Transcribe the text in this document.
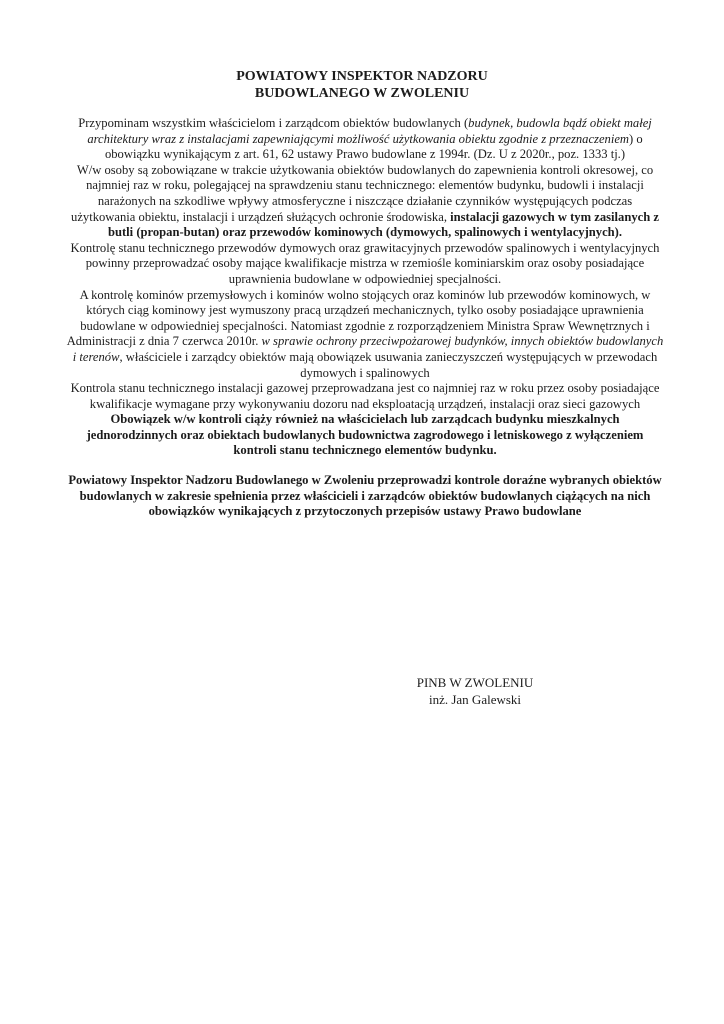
POWIATOWY INSPEKTOR NADZORU
BUDOWLANEGO W ZWOLENIU

Przypominam wszystkim właścicielom i zarządcom obiektów budowlanych (budynek, budowla bądź obiekt małej architektury wraz z instalacjami zapewniającymi możliwość użytkowania obiektu zgodnie z przeznaczeniem) o obowiązku wynikającym z art. 61, 62 ustawy Prawo budowlane z 1994r. (Dz. U z 2020r., poz. 1333 tj.)

W/w osoby są zobowiązane w trakcie użytkowania obiektów budowlanych do zapewnienia kontroli okresowej, co najmniej raz w roku, polegającej na sprawdzeniu stanu technicznego: elementów budynku, budowli i instalacji narażonych na szkodliwe wpływy atmosferyczne i niszczące działanie czynników występujących podczas użytkowania obiektu, instalacji i urządzeń służących ochronie środowiska, instalacji gazowych w tym zasilanych z butli (propan-butan) oraz przewodów kominowych (dymowych, spalinowych i wentylacyjnych).

Kontrolę stanu technicznego przewodów dymowych oraz grawitacyjnych przewodów spalinowych i wentylacyjnych powinny przeprowadzać osoby mające kwalifikacje mistrza w rzemiośle kominiarskim oraz osoby posiadające uprawnienia budowlane w odpowiedniej specjalności.

A kontrolę kominów przemysłowych i kominów wolno stojących oraz kominów lub przewodów kominowych, w których ciąg kominowy jest wymuszony pracą urządzeń mechanicznych, tylko osoby posiadające uprawnienia budowlane w odpowiedniej specjalności. Natomiast zgodnie z rozporządzeniem Ministra Spraw Wewnętrznych i Administracji z dnia 7 czerwca 2010r. w sprawie ochrony przeciwpożarowej budynków, innych obiektów budowlanych i terenów, właściciele i zarządcy obiektów mają obowiązek usuwania zanieczyszczeń występujących w przewodach dymowych i spalinowych

Kontrola stanu technicznego instalacji gazowej przeprowadzana jest co najmniej raz w roku przez osoby posiadające kwalifikacje wymagane przy wykonywaniu dozoru nad eksploatacją urządzeń, instalacji oraz sieci gazowych

Obowiązek w/w kontroli ciąży również na właścicielach lub zarządcach budynku mieszkalnych jednorodzinnych oraz obiektach budowlanych budownictwa zagrodowego i letniskowego z wyłączeniem kontroli stanu technicznego elementów budynku.

Powiatowy Inspektor Nadzoru Budowlanego w Zwoleniu przeprowadzi kontrole doraźne wybranych obiektów budowlanych w zakresie spełnienia przez właścicieli i zarządców obiektów budowlanych ciążących na nich obowiązków wynikających z przytoczonych przepisów ustawy Prawo budowlane

PINB W ZWOLENIU
inż. Jan Galewski
